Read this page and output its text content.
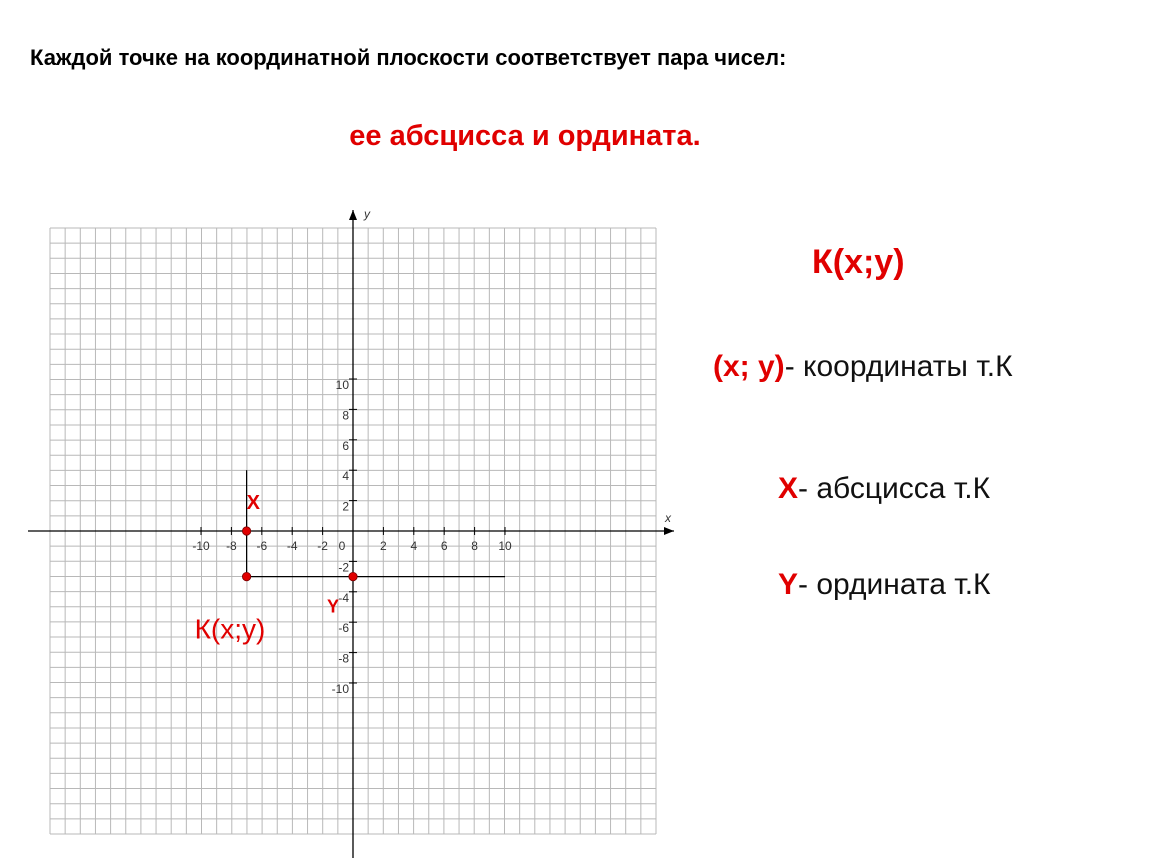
Каждой точке на координатной плоскости соответствует пара чисел:
ее абсцисса и ордината.
x
y
-10 -8 -6 -4 -2 0	2 4 6 8 10
-10
-8
-6
-4
-2
2
4
6
8
10
К(х;у)
Х
Y
К(х;у)
(х; у)- координаты т.К
Х- абсцисса т.К
Y- ордината т.К
